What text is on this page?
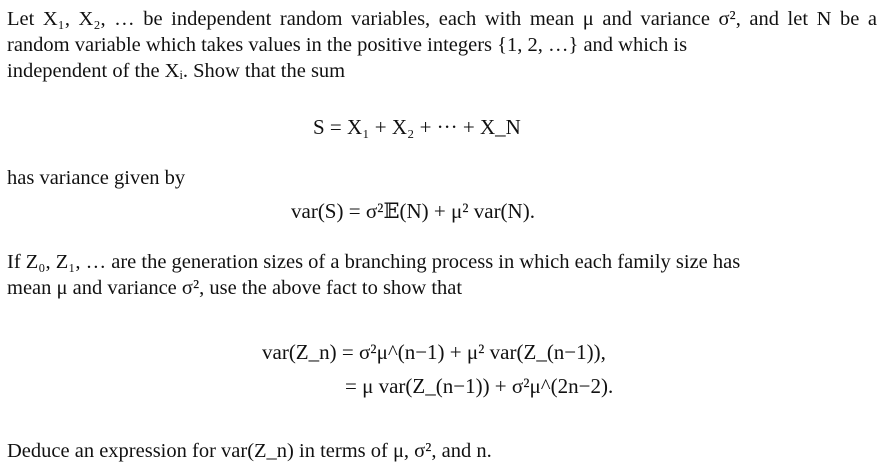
Let X₁, X₂, … be independent random variables, each with mean μ and variance σ², and let N be a random variable which takes values in the positive integers {1, 2, …} and which is
independent of the Xᵢ. Show that the sum
S = X₁ + X₂ + ··· + X_N
has variance given by
var(S) = σ²𝔼(N) + μ² var(N).
If Z₀, Z₁, … are the generation sizes of a branching process in which each family size has
mean μ and variance σ², use the above fact to show that
var(Z_n) = σ²μ^(n−1) + μ² var(Z_(n−1)),
= μ var(Z_(n−1)) + σ²μ^(2n−2).
Deduce an expression for var(Z_n) in terms of μ, σ², and n.
